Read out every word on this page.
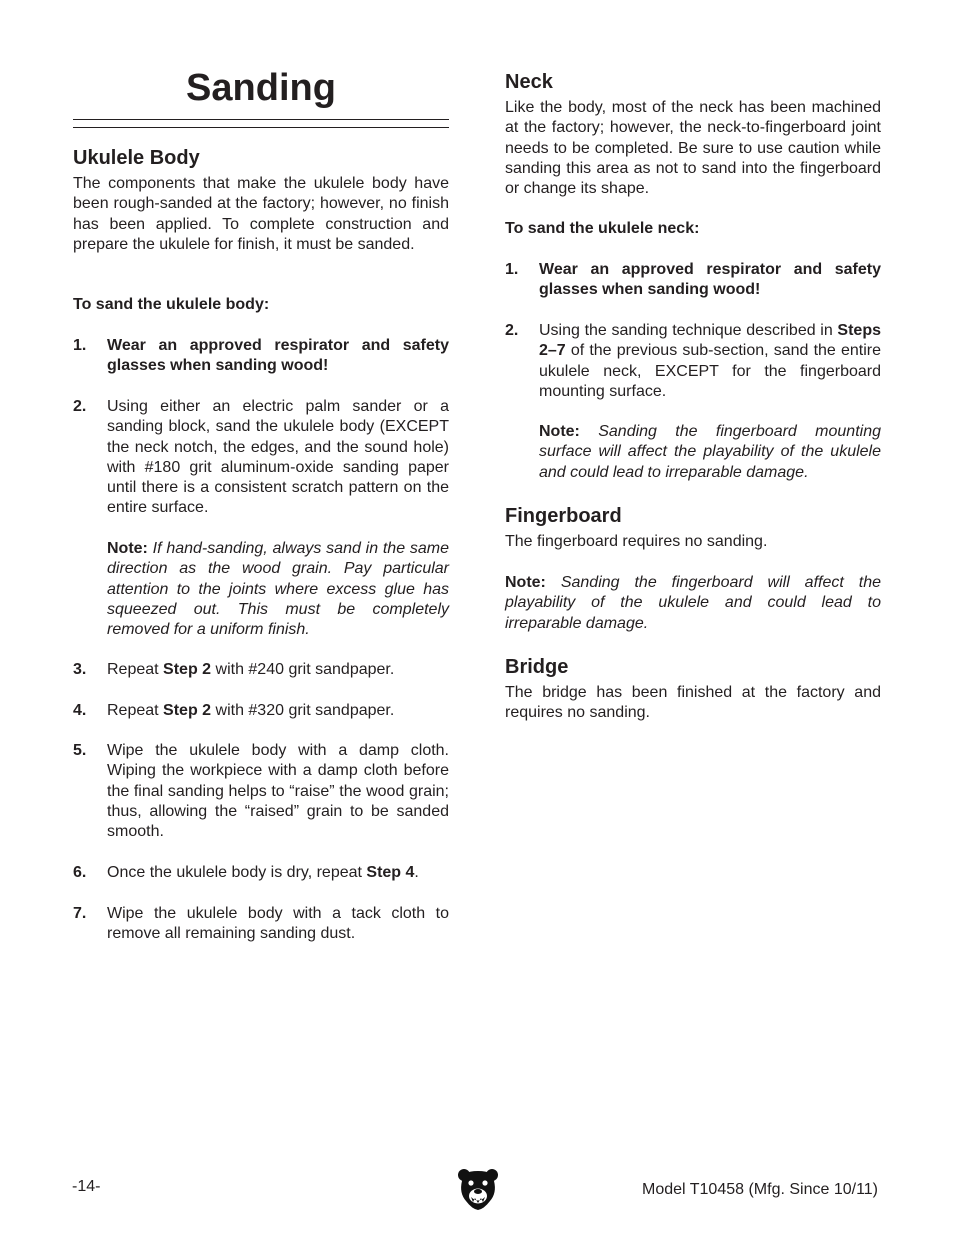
Sanding
Ukulele Body

The components that make the ukulele body have been rough-sanded at the factory; however, no finish has been applied. To complete construction and prepare the ukulele for finish, it must be sanded.

To sand the ukulele body:

1. Wear an approved respirator and safety glasses when sanding wood!
2. Using either an electric palm sander or a sanding block, sand the ukulele body (EXCEPT the neck notch, the edges, and the sound hole) with #180 grit aluminum-oxide sanding paper until there is a consistent scratch pattern on the entire surface.
Note: If hand-sanding, always sand in the same direction as the wood grain. Pay particular attention to the joints where excess glue has squeezed out. This must be completely removed for a uniform finish.
3. Repeat Step 2 with #240 grit sandpaper.
4. Repeat Step 2 with #320 grit sandpaper.
5. Wipe the ukulele body with a damp cloth. Wiping the workpiece with a damp cloth before the final sanding helps to “raise” the wood grain; thus, allowing the “raised” grain to be sanded smooth.
6. Once the ukulele body is dry, repeat Step 4.
7. Wipe the ukulele body with a tack cloth to remove all remaining sanding dust.
Neck

Like the body, most of the neck has been machined at the factory; however, the neck-to-fingerboard joint needs to be completed. Be sure to use caution while sanding this area as not to sand into the fingerboard or change its shape.

To sand the ukulele neck:

1. Wear an approved respirator and safety glasses when sanding wood!
2. Using the sanding technique described in Steps 2–7 of the previous sub-section, sand the entire ukulele neck, EXCEPT for the fingerboard mounting surface.
Note: Sanding the fingerboard mounting surface will affect the playability of the ukulele and could lead to irreparable damage.
Fingerboard

The fingerboard requires no sanding.

Note: Sanding the fingerboard will affect the playability of the ukulele and could lead to irreparable damage.

Bridge

The bridge has been finished at the factory and requires no sanding.

-14-	Model T10458 (Mfg. Since 10/11)
